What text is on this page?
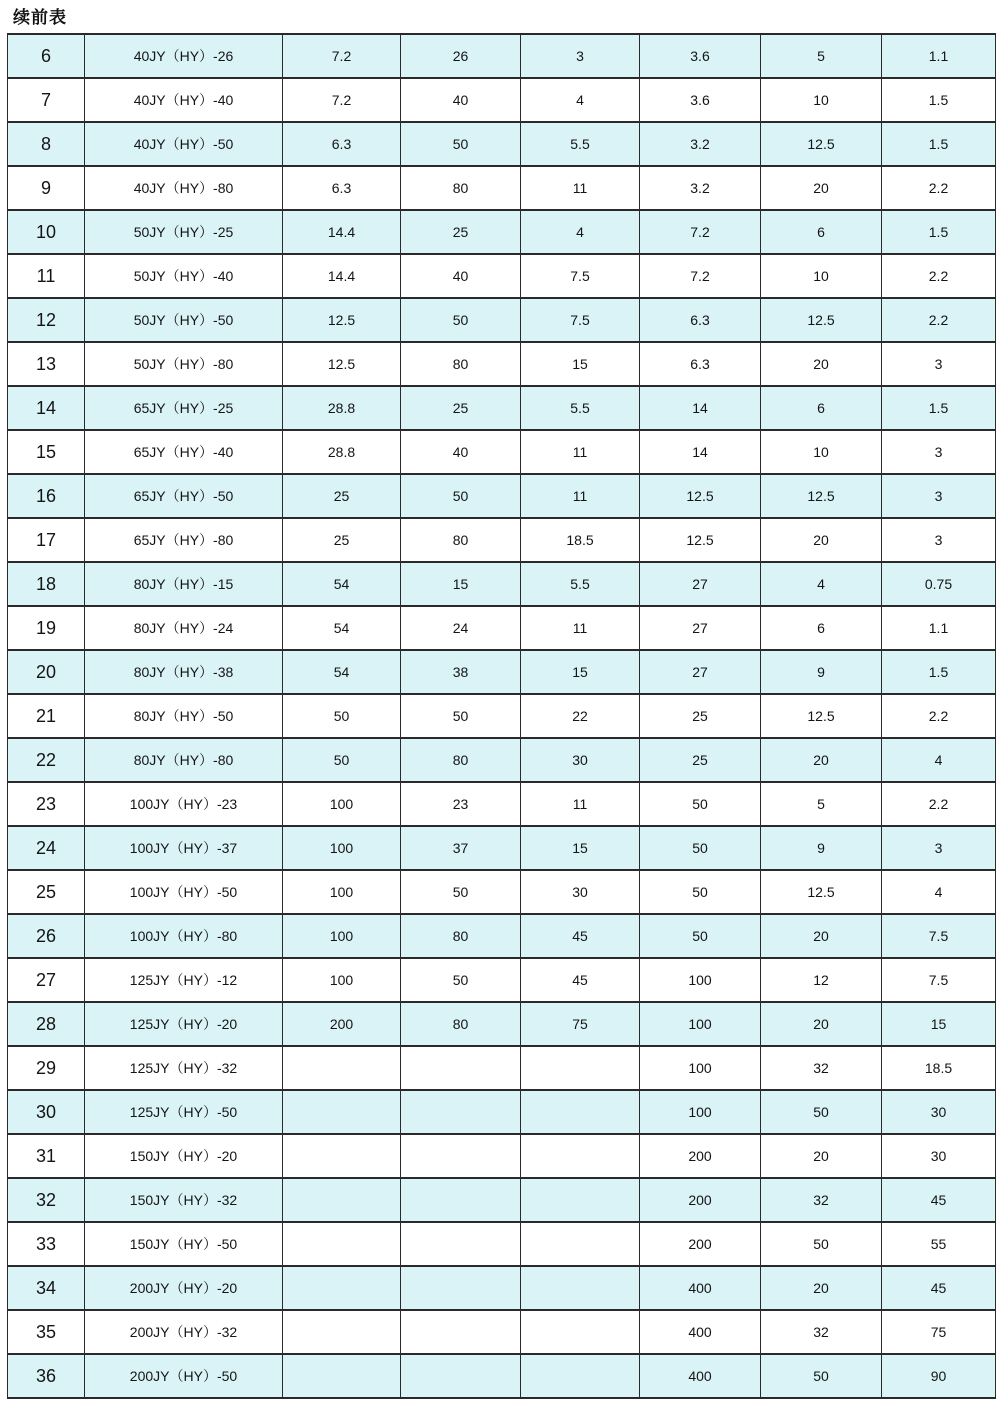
续前表
6	40JY（HY）-26	7.2	26	3	3.6	5	1.1
7	40JY（HY）-40	7.2	40	4	3.6	10	1.5
8	40JY（HY）-50	6.3	50	5.5	3.2	12.5	1.5
9	40JY（HY）-80	6.3	80	11	3.2	20	2.2
10	50JY（HY）-25	14.4	25	4	7.2	6	1.5
11	50JY（HY）-40	14.4	40	7.5	7.2	10	2.2
12	50JY（HY）-50	12.5	50	7.5	6.3	12.5	2.2
13	50JY（HY）-80	12.5	80	15	6.3	20	3
14	65JY（HY）-25	28.8	25	5.5	14	6	1.5
15	65JY（HY）-40	28.8	40	11	14	10	3
16	65JY（HY）-50	25	50	11	12.5	12.5	3
17	65JY（HY）-80	25	80	18.5	12.5	20	3
18	80JY（HY）-15	54	15	5.5	27	4	0.75
19	80JY（HY）-24	54	24	11	27	6	1.1
20	80JY（HY）-38	54	38	15	27	9	1.5
21	80JY（HY）-50	50	50	22	25	12.5	2.2
22	80JY（HY）-80	50	80	30	25	20	4
23	100JY（HY）-23	100	23	11	50	5	2.2
24	100JY（HY）-37	100	37	15	50	9	3
25	100JY（HY）-50	100	50	30	50	12.5	4
26	100JY（HY）-80	100	80	45	50	20	7.5
27	125JY（HY）-12	100	50	45	100	12	7.5
28	125JY（HY）-20	200	80	75	100	20	15
29	125JY（HY）-32				100	32	18.5
30	125JY（HY）-50				100	50	30
31	150JY（HY）-20				200	20	30
32	150JY（HY）-32				200	32	45
33	150JY（HY）-50				200	50	55
34	200JY（HY）-20				400	20	45
35	200JY（HY）-32				400	32	75
36	200JY（HY）-50				400	50	90
